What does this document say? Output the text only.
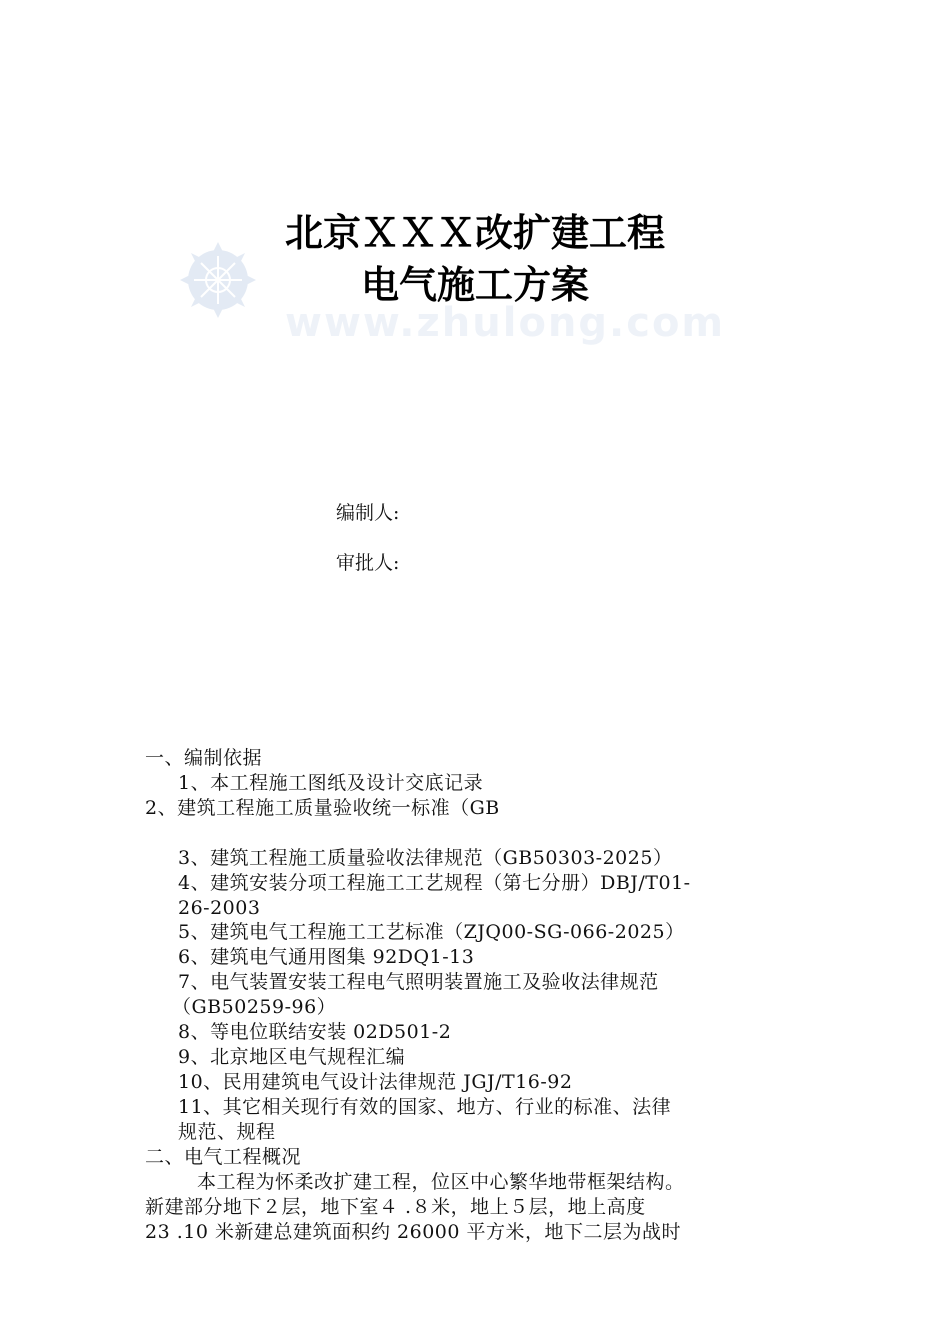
www.zhulong.com
北京ＸＸＸ改扩建工程
电气施工方案
编制人:
审批人:
一、编制依据
1、本工程施工图纸及设计交底记录
2、建筑工程施工质量验收统一标准（GB
3、建筑工程施工质量验收法律规范（GB50303-2025）
4、建筑安装分项工程施工工艺规程（第七分册）DBJ/T01-
26-2003
5、建筑电气工程施工工艺标准（ZJQ00-SG-066-2025）
6、建筑电气通用图集 92DQ1-13
7、电气装置安装工程电气照明装置施工及验收法律规范
（GB50259-96）
8、等电位联结安装 02D501-2
9、北京地区电气规程汇编
10、民用建筑电气设计法律规范 JGJ/T16-92
11、其它相关现行有效的国家、地方、行业的标准、法律
规范、规程
二、电气工程概况
本工程为怀柔改扩建工程，位区中心繁华地带框架结构。
新建部分地下２层，地下室４ .８米，地上５层，地上高度
23 .10 米新建总建筑面积约 26000 平方米，地下二层为战时
